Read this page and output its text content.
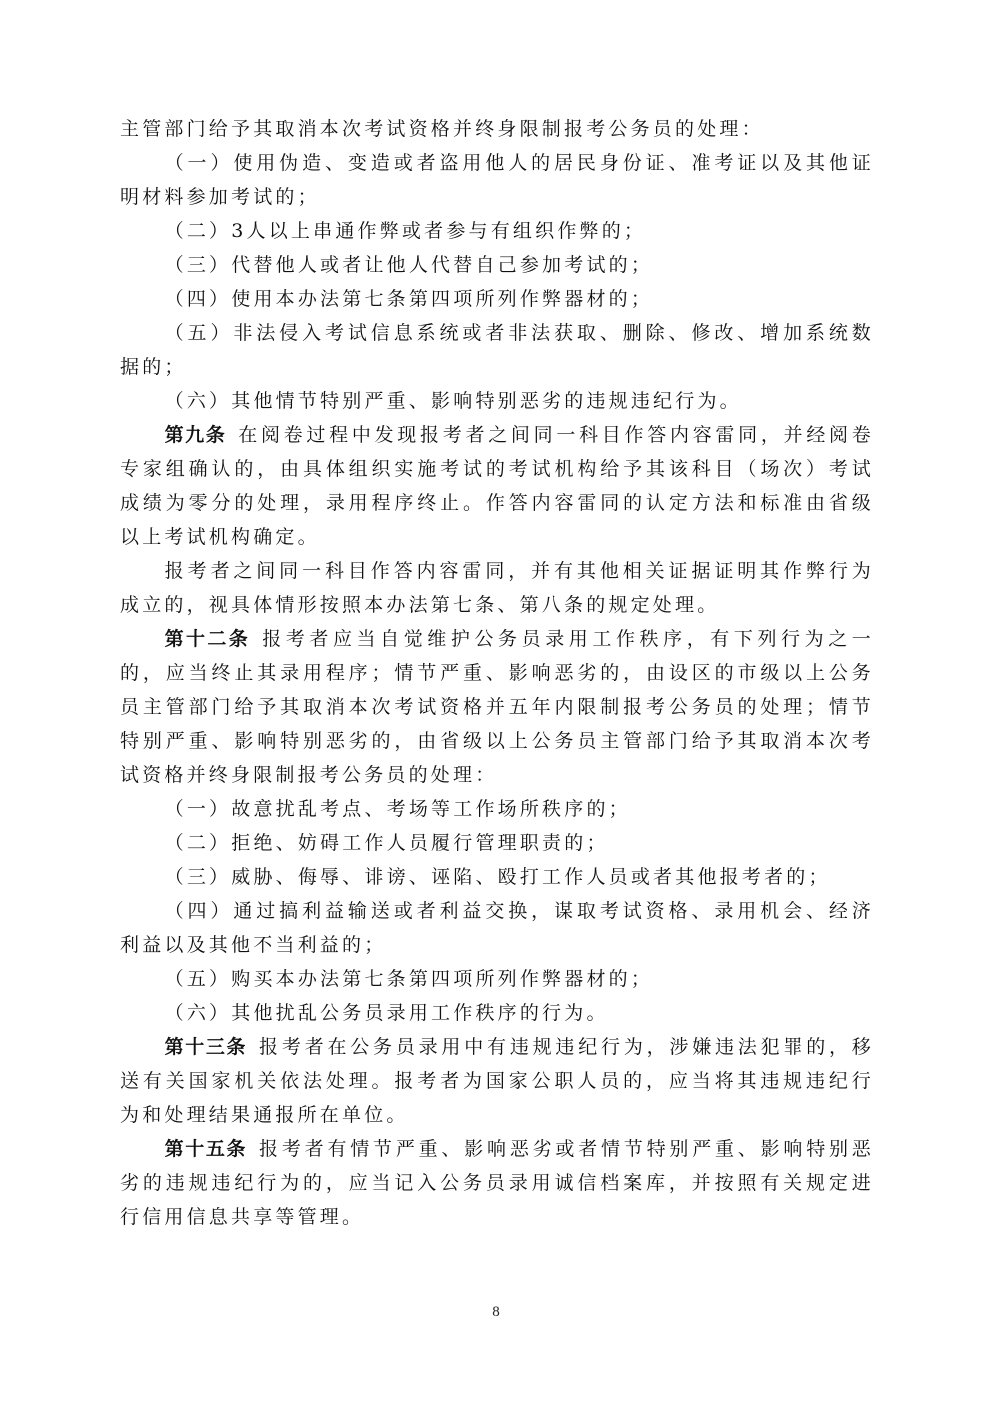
主管部门给予其取消本次考试资格并终身限制报考公务员的处理：

（一）使用伪造、变造或者盗用他人的居民身份证、准考证以及其他证明材料参加考试的；

（二）3人以上串通作弊或者参与有组织作弊的；

（三）代替他人或者让他人代替自己参加考试的；

（四）使用本办法第七条第四项所列作弊器材的；

（五）非法侵入考试信息系统或者非法获取、删除、修改、增加系统数据的；

（六）其他情节特别严重、影响特别恶劣的违规违纪行为。

第九条 在阅卷过程中发现报考者之间同一科目作答内容雷同，并经阅卷专家组确认的，由具体组织实施考试的考试机构给予其该科目（场次）考试成绩为零分的处理，录用程序终止。作答内容雷同的认定方法和标准由省级以上考试机构确定。

报考者之间同一科目作答内容雷同，并有其他相关证据证明其作弊行为成立的，视具体情形按照本办法第七条、第八条的规定处理。

第十二条 报考者应当自觉维护公务员录用工作秩序，有下列行为之一的，应当终止其录用程序；情节严重、影响恶劣的，由设区的市级以上公务员主管部门给予其取消本次考试资格并五年内限制报考公务员的处理；情节特别严重、影响特别恶劣的，由省级以上公务员主管部门给予其取消本次考试资格并终身限制报考公务员的处理：

（一）故意扰乱考点、考场等工作场所秩序的；

（二）拒绝、妨碍工作人员履行管理职责的；

（三）威胁、侮辱、诽谤、诬陷、殴打工作人员或者其他报考者的；

（四）通过搞利益输送或者利益交换，谋取考试资格、录用机会、经济利益以及其他不当利益的；

（五）购买本办法第七条第四项所列作弊器材的；

（六）其他扰乱公务员录用工作秩序的行为。

第十三条 报考者在公务员录用中有违规违纪行为，涉嫌违法犯罪的，移送有关国家机关依法处理。报考者为国家公职人员的，应当将其违规违纪行为和处理结果通报所在单位。

第十五条 报考者有情节严重、影响恶劣或者情节特别严重、影响特别恶劣的违规违纪行为的，应当记入公务员录用诚信档案库，并按照有关规定进行信用信息共享等管理。

8
